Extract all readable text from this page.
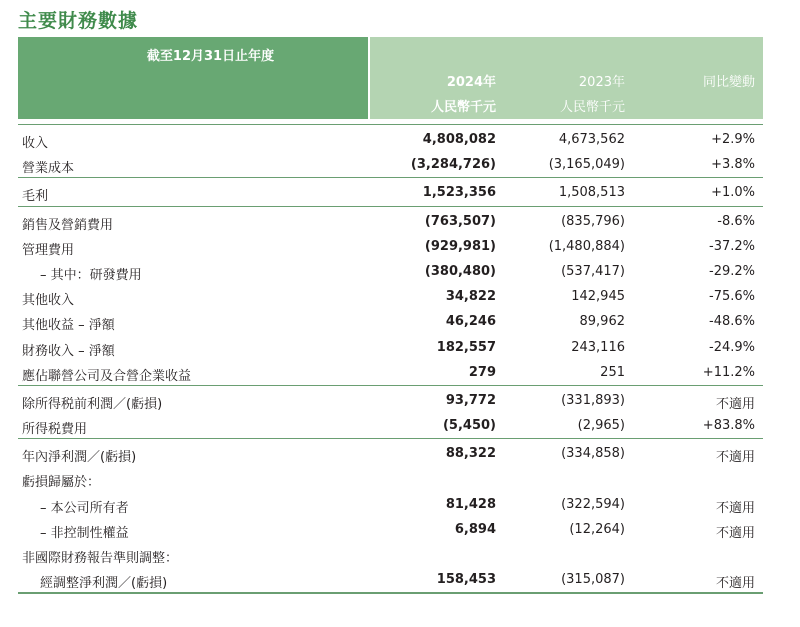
主要財務數據
截至12月31日止年度
2024年	2023年	同比變動
人民幣千元	人民幣千元
收入	4,808,082	4,673,562	+2.9%
營業成本	(3,284,726)	(3,165,049)	+3.8%
毛利	1,523,356	1,508,513	+1.0%
銷售及營銷費用	(763,507)	(835,796)	-8.6%
管理費用	(929,981)	(1,480,884)	-37.2%
– 其中：研發費用	(380,480)	(537,417)	-29.2%
其他收入	34,822	142,945	-75.6%
其他收益 – 淨額	46,246	89,962	-48.6%
財務收入 – 淨額	182,557	243,116	-24.9%
應佔聯營公司及合營企業收益	279	251	+11.2%
除所得税前利潤／(虧損)	93,772	(331,893)	不適用
所得税費用	(5,450)	(2,965)	+83.8%
年內淨利潤／(虧損)	88,322	(334,858)	不適用
虧損歸屬於：
– 本公司所有者	81,428	(322,594)	不適用
– 非控制性權益	6,894	(12,264)	不適用
非國際財務報告準則調整：
經調整淨利潤／(虧損)	158,453	(315,087)	不適用
